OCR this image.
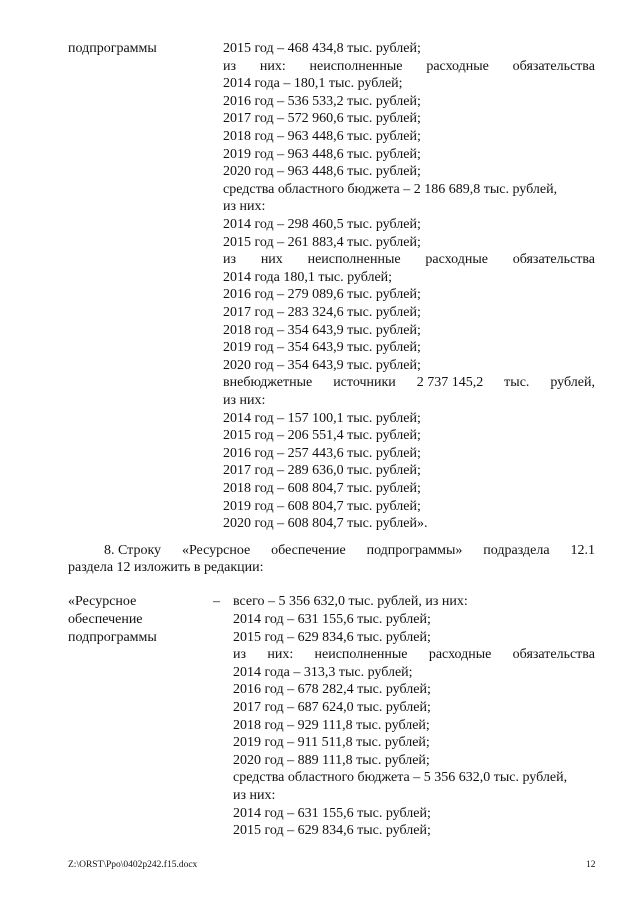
подпрограммы	2015 год – 468 434,8 тыс. рублей;
из них: неисполненные расходные обязательства
2014 года – 180,1 тыс. рублей;
2016 год – 536 533,2 тыс. рублей;
2017 год – 572 960,6 тыс. рублей;
2018 год – 963 448,6 тыс. рублей;
2019 год – 963 448,6 тыс. рублей;
2020 год – 963 448,6 тыс. рублей;
средства областного бюджета – 2 186 689,8 тыс. рублей,
из них:
2014 год – 298 460,5 тыс. рублей;
2015 год – 261 883,4 тыс. рублей;
из них неисполненные расходные обязательства
2014 года 180,1 тыс. рублей;
2016 год – 279 089,6 тыс. рублей;
2017 год – 283 324,6 тыс. рублей;
2018 год – 354 643,9 тыс. рублей;
2019 год – 354 643,9 тыс. рублей;
2020 год – 354 643,9 тыс. рублей;
внебюджетные источники 2 737 145,2 тыс. рублей,
из них:
2014 год – 157 100,1 тыс. рублей;
2015 год – 206 551,4 тыс. рублей;
2016 год – 257 443,6 тыс. рублей;
2017 год – 289 636,0 тыс. рублей;
2018 год – 608 804,7 тыс. рублей;
2019 год – 608 804,7 тыс. рублей;
2020 год – 608 804,7 тыс. рублей».
8. Строку «Ресурсное обеспечение подпрограммы» подраздела 12.1
раздела 12 изложить в редакции:
«Ресурсное
обеспечение
подпрограммы
– всего – 5 356 632,0 тыс. рублей, из них:
2014 год – 631 155,6 тыс. рублей;
2015 год – 629 834,6 тыс. рублей;
из них: неисполненные расходные обязательства
2014 года – 313,3 тыс. рублей;
2016 год – 678 282,4 тыс. рублей;
2017 год – 687 624,0 тыс. рублей;
2018 год – 929 111,8 тыс. рублей;
2019 год – 911 511,8 тыс. рублей;
2020 год – 889 111,8 тыс. рублей;
средства областного бюджета – 5 356 632,0 тыс. рублей,
из них:
2014 год – 631 155,6 тыс. рублей;
2015 год – 629 834,6 тыс. рублей;
Z:\ORST\Ppo\0402p242.f15.docx	12
